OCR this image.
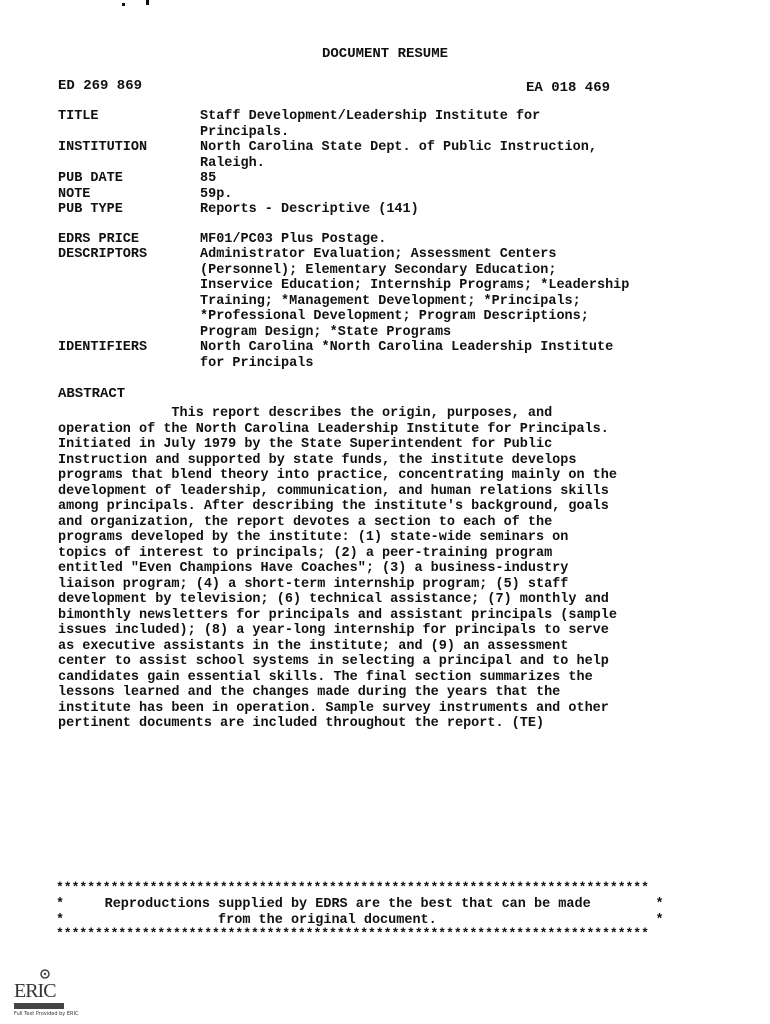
DOCUMENT RESUME
ED 269 869	EA 018 469
TITLE	Staff Development/Leadership Institute for
Principals.
INSTITUTION	North Carolina State Dept. of Public Instruction,
Raleigh.
PUB DATE	85
NOTE	59p.
PUB TYPE	Reports - Descriptive (141)
EDRS PRICE	MF01/PC03 Plus Postage.
DESCRIPTORS	Administrator Evaluation; Assessment Centers
(Personnel); Elementary Secondary Education;
Inservice Education; Internship Programs; *Leadership
Training; *Management Development; *Principals;
*Professional Development; Program Descriptions;
Program Design; *State Programs
IDENTIFIERS	North Carolina *North Carolina Leadership Institute
for Principals
ABSTRACT
This report describes the origin, purposes, and
operation of the North Carolina Leadership Institute for Principals.
Initiated in July 1979 by the State Superintendent for Public
Instruction and supported by state funds, the institute develops
programs that blend theory into practice, concentrating mainly on the
development of leadership, communication, and human relations skills
among principals. After describing the institute's background, goals
and organization, the report devotes a section to each of the
programs developed by the institute: (1) state-wide seminars on
topics of interest to principals; (2) a peer-training program
entitled "Even Champions Have Coaches"; (3) a business-industry
liaison program; (4) a short-term internship program; (5) staff
development by television; (6) technical assistance; (7) monthly and
bimonthly newsletters for principals and assistant principals (sample
issues included); (8) a year-long internship for principals to serve
as executive assistants in the institute; and (9) an assessment
center to assist school systems in selecting a principal and to help
candidates gain essential skills. The final section summarizes the
lessons learned and the changes made during the years that the
institute has been in operation. Sample survey instruments and other
pertinent documents are included throughout the report. (TE)
****************************************************************************
*     Reproductions supplied by EDRS are the best that can be made        *
*                   from the original document.                           *
****************************************************************************
ERIC
Full Text Provided by ERIC
